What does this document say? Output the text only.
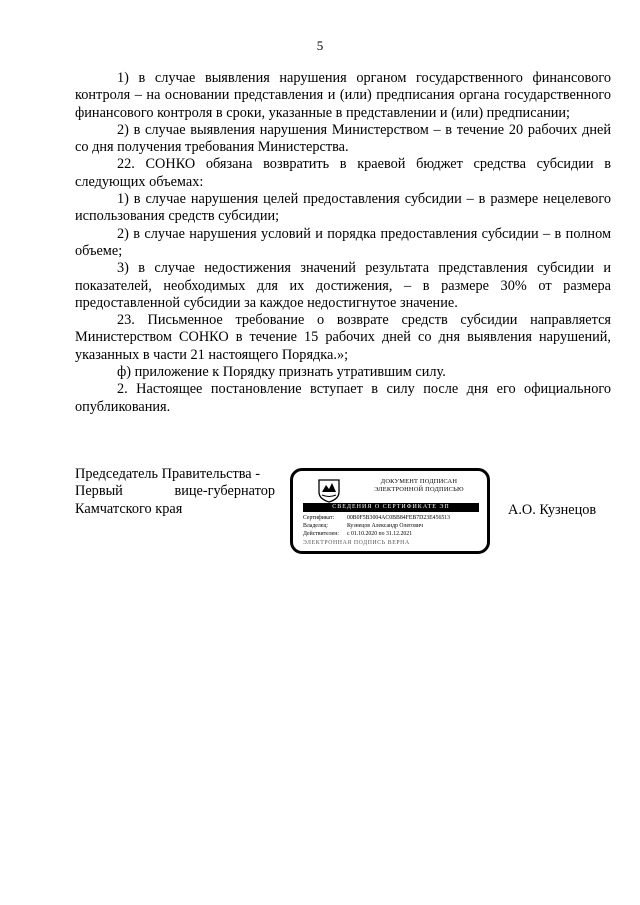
5

1) в случае выявления нарушения органом государственного финансового контроля – на основании представления и (или) предписания органа государственного финансового контроля в сроки, указанные в представлении и (или) предписании;

2) в случае выявления нарушения Министерством – в течение 20 рабочих дней со дня получения требования Министерства.

22. СОНКО обязана возвратить в краевой бюджет средства субсидии в следующих объемах:

1) в случае нарушения целей предоставления субсидии – в размере нецелевого использования средств субсидии;

2) в случае нарушения условий и порядка предоставления субсидии – в полном объеме;

3) в случае недостижения значений результата представления субсидии и показателей, необходимых для их достижения, – в размере 30% от размера предоставленной субсидии за каждое недостигнутое значение.

23. Письменное требование о возврате средств субсидии направляется Министерством СОНКО в течение 15 рабочих дней со дня выявления нарушений, указанных в части 21 настоящего Порядка.»;

ф) приложение к Порядку признать утратившим силу.

2. Настоящее постановление вступает в силу после дня его официального опубликования.

Председатель Правительства -
Первый	вице-губернатор
Камчатского края
ДОКУМЕНТ ПОДПИСАН
ЭЛЕКТРОННОЙ ПОДПИСЬЮ
СВЕДЕНИЯ О СЕРТИФИКАТЕ ЭП
Сертификат: 00B0F5B3004AC0BB84FEB7D23E456513
Владелец:	Кузнецов Александр Олегович
Действителен: с 01.10.2020 по 31.12.2021
ЭЛЕКТРОННАЯ ПОДПИСЬ ВЕРНА
А.О. Кузнецов
